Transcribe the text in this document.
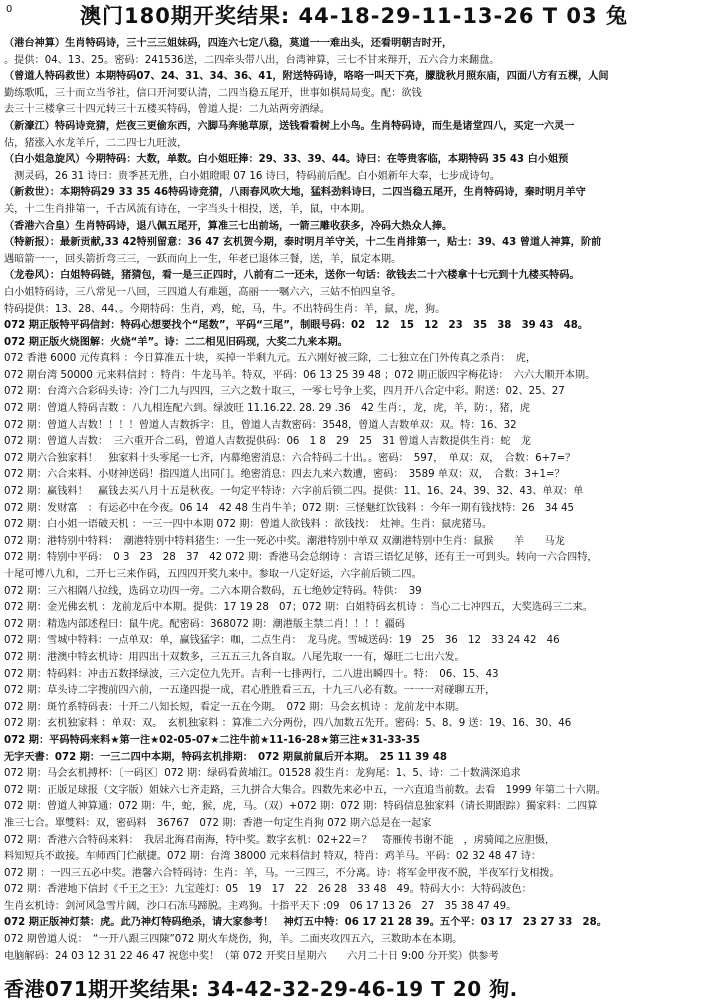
0	澳门180期开奖结果: 44-18-29-11-13-26 T 03 兔
（港台神算）生肖特码诗，三十三三姐妹码，四连六七定八稳，莫道一一难出头，还看明朝吉时开，
。提供：04、13、25。密码：241536送，二四牵头带八出，台湾神算，三七不甘来辩开，五六合力来翻盘。
（曾道人特码救世）本期特码07、24、31、34、36、41，附送特码诗，咯咯一叫天下亮，朦胧秋月照东庙，四面八方有五棵，人间
勤练歌呱，三十而立当爷社，信口开河要认清，二四当稳五尾开，世事如棋局局变。配：欲钱
去三十三楼拿三十四元转三十五楼买特码，曾道人提：二九站两旁酒绿。
（新濠江）特码诗竞猜，烂夜三更偷东西，六脚马奔驰草原，送钱看看树上小鸟。生肖特码诗，而生是诸堂四八，买定一六灵一
估，猪涨入水龙羊斤，二二四七九旺波，
（白小姐急旋风）今期特码：大数，单数。白小姐旺捧：29、33、39、44。诗曰：在等贵客临，本期特码 35 43 白小姐预
　测灵码，26 31 诗曰：贵季甚无胜，白小姐瞪眼 07 16 诗曰，特码前后配。白小姐新年大奉，七步成诗句。
（新救世）：本期特码29 33 35 46特码诗竞猜，八雨春风吹大地，猛料劲料诗曰，二四当稳五尾开，生肖特码诗，秦时明月羊守
关，十二生肖排第一，千古风流有诗在，一字当头十相投，送，羊，鼠，中本期。
（香港六合皇）生肖特码诗，退八佩五尾开，算准三七出前场，一箭三雕收获多，冷码大热众人捧。
（特新报）：最新贡献,33 42特别留意：36 47 玄机贺今期，泰时明月羊守关，十二生肖排第一，贴士：39、43 曾道人神算，阶前
遇暗箭一一，回头箭折弯三三，一跃而向上一生，年老已退体三餐，送，羊，鼠定本期。
（龙卷风）：白姐特码链，猪猜包，看一是三正四时，八前有二一还未，送你一句话：欲钱去二十六楼拿十七元到十九楼买特码。
白小姐特码诗，三八常见一八回，三四道人有难题，高丽一一嘱六六，三姑不怕四皇爷。
特码提供：13、28、44、。今期特码：生肖，鸡，蛇，马，牛。不出特码生肖：羊，鼠，虎，狗。
072 期正版特平码信封：特码心想要找个“尾数”，平码“三尾”，制眼号码：02　12　15　12　23　35　38　39 43　48。
072 期正版火烧图解：火烧“羊”。诗：二二相见旧码现，大奖二九来本期。
072 香港 6000 元传真料 ：今日算准五十块，买掉一半剩九元。五六刚好被三除，二七独立在门外传真之杀肖：　虎，
072 期台湾 50000 元来料信封 ：特肖：牛龙马羊。特双，平码：06 13 25 39 48 ；072 期正版四字梅花诗：　六六大顺开本期。
072 期：台湾六合彩码头诗：冷门二九与四四，三六之数十取三，一零七号争上奖，四月开八合定中彩。附送：02、25、27
072 期：曾道人特码吉数 ：八九相连配六到。绿波旺 11.16.22. 28. 29 .36　42 生肖：，龙，虎，羊，防：，猪，虎
072 期：曾道人吉数！！！！曾道人吉数拆字：且，曾道人吉数密码：3548，曾道人吉数单双：双。特：16、32
072 期：曾道人吉数：　三六重开合二码，曾道人吉数提供码：06　1 8　29　25　31 曾道人吉数提供生肖：蛇　龙
072 期六合独家料！　独家料十头零尾一七齐，内幕绝密消息：六合特码二十出。。密码：　597，　单双：双，　合数：6+7=？
072 期：六合来料、小财神送码！指四道人出同门。绝密消息：四去九来六数遭，密码：　3589 单双：双，　合数：3+1=？
072 期：赢钱料！　赢钱去买八月十五是秋夜。一句定平特诗：六字前后锁二四。提供：11、16、24、39、32、43、单双：单
072 期：发财富　：有运必中在今夜。06 14　42 48 生肖牛羊；072 期：三怪魅红饮钱料 ：今年一期有钱找特：26　34 45
072 期：白小姐一语破天机 ：一三一四中本期 072 期：曾道人欲钱料 ：欲钱找：　灶神。生肖：鼠虎猪马。
072 期：港特别中特料：　潮港特别中特料猪生：一生一死必中奖。潮港特别中单双 双潮港特别中生肖：鼠猴　　羊　　马龙
072 期：特别中平码：　0 3　23　28　37　42 072 期：香港马会总纲诗 ：言语三语忆足够，还有王一可到头。转向一六合四特，
十尾可博八九和，二开七三来作码，五四四开奖九来中。参取一八定好运，六字前后锁二四。
072 期：三六相隔八拉线，选码立功四一旁。二六本期合数码，五七绝妙定特码。特供：　39
072 期：金光佛玄机 ：龙前龙后中本期。提供：17 19 28　07；072 期：白姐特码玄机诗 ：当心二七冲四五，大奖选码三二来。
072 期：精选内部述程曰：鼠牛虎。配密码：368072 期：潮港版主禁二肖！！！！疆码
072 期：雪城中特料：一点单双：单，赢钱猛字：咖，二点生肖：　龙马虎。雪城送码：19　25　36　12　33 24 42　46
072 期：港澳中特玄机诗：用四出十双数多，三五五三九各自取。八尾先取一一有，爆旺二七出六发。
072 期：特码料：冲击五数择绿波，三六定位九先开。吉利一七排两行，二八进出瞬四十。特：　06、15、43
072 期：草头诗二字搜前四六前，一五逢四提一成，君心胜胜看三五，十九三八必有数。一一一对碰聊五开，
072 期：斑竹系特码表：十开二八知长短，看定一五在今期。　072 期：马会玄机诗 ：龙前龙中本期。
072 期：玄机独家料 ：单双：双。　玄机独家料 ：算准二六分两份，四八加数五先开。密码：5、8、9 送：19、16、30、46
072 期：平码特码来料★第一注★02-05-07★二注牛前★11-16-28★第三注★31-33-35
无字天書：072 期：一三二四中本期，特码玄机排期：　072 期鼠前鼠后开本期。　25 11 39 48
072 期：马会玄机搏杯：〔一码区〕072 期：绿码看黄埔江。01528 殺生肖：龙狗尾：1、5、诗：二十数满深追求
072 期：正版足球报（文字版）姐妹六七齐走路，三九拼合大集合。四数先来必中五，一六直追当前数。去看　1999 年第二十六期。
072 期：曾道人神算通：072 期：牛，蛇，猴，虎，马。（双）+072 期：072 期：特码信息独家料（请长期跟踪）獨家料：二四算
准三七合。單雙料：双，密码料　36767　072 期：香港一句定生肖狗 072 期六总是在一起家
072 期：香港六合特码来料：　我居北海君南海，特中奖。数字玄机：02+22＝？　寄雁传书谢不能　，虏骑闻之应胆慑，
料知短兵不敢接。车师西门伫献捷。072 期：台湾 38000 元来料信封 特双，特肖：鸡羊马。平码：02 32 48 47 诗：
072 期 ：一四三五必中奖。港馨六合特码诗：生肖：羊，马。一三四三，不分离。诗：将军金甲夜不脱，半夜军行戈相拨。
072 期：香港地下信封《千王之王》：九宝莲灯：05　19　17　22　26 28　33 48　49。特码大小：大特码波色：
生肖玄机诗：剑河风急雪片阔，沙口石冻马蹄脱。主鸡狗。十指平天下 :09　06 17 13 26　27　35 38 47 49。
072 期正版神灯禁：虎。此乃神灯特码绝杀，请大家参考！　神灯五中特：06 17 21 28 39。五个平：03 17　23 27 33　28。
072 期曾道人说：　“一开八跟三四陳”072 期火车烧伤，狗，羊。二面夹攻四五六，三数助本在本期。
电脑解码：24 03 12 31 22 46 47 祝您中奖！（第 072 开奖日星期六　　六月二十日 9:00 分开奖）供参考
香港071期开奖结果: 34-42-32-29-46-19 T 20 狗.
